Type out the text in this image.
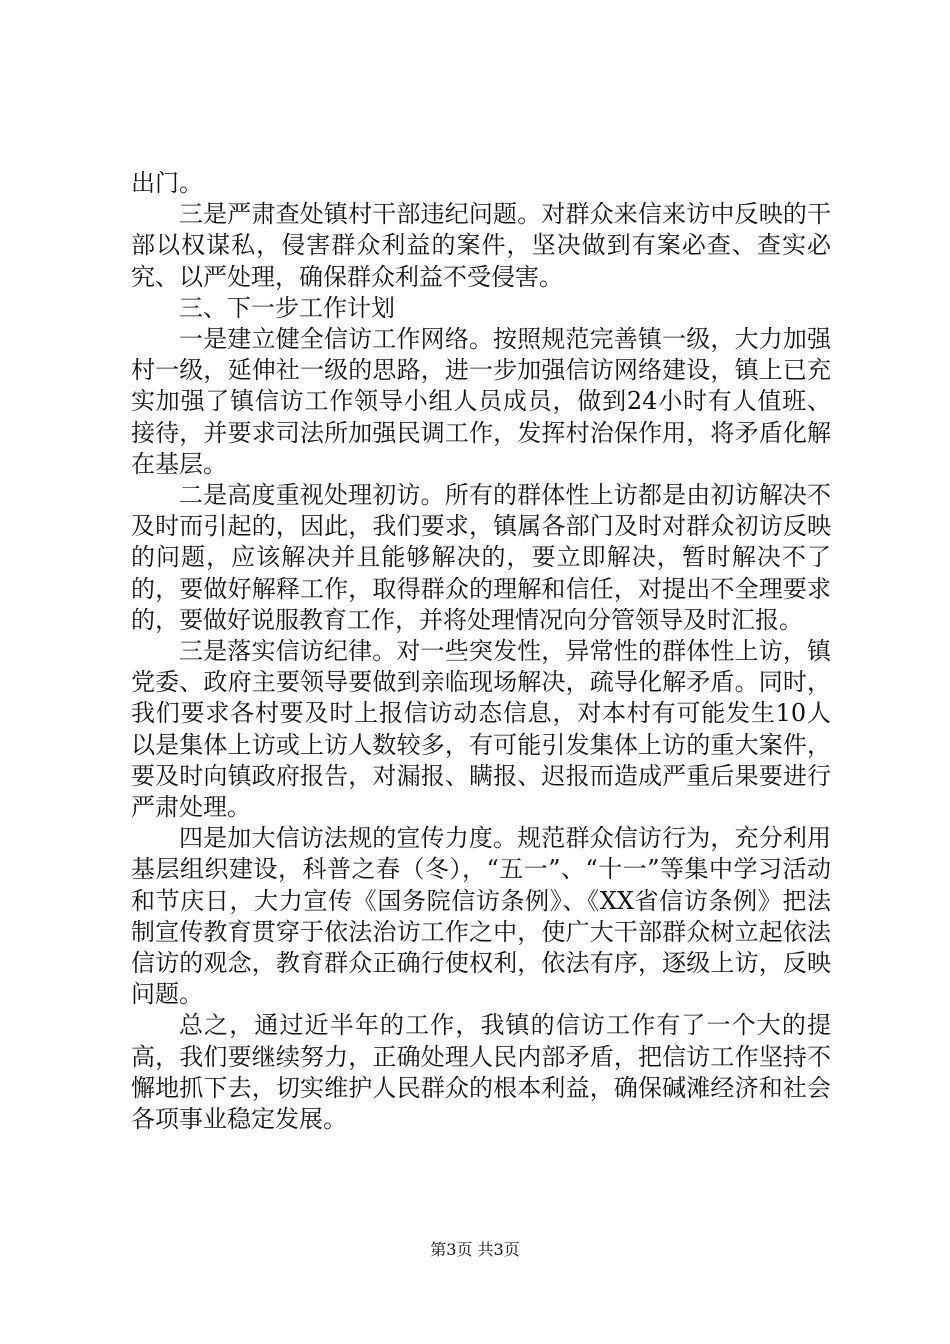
出门。

三是严肃查处镇村干部违纪问题。对群众来信来访中反映的干部以权谋私，侵害群众利益的案件，坚决做到有案必查、查实必究、以严处理，确保群众利益不受侵害。

三、下一步工作计划

一是建立健全信访工作网络。按照规范完善镇一级，大力加强村一级，延伸社一级的思路，进一步加强信访网络建设，镇上已充实加强了镇信访工作领导小组人员成员，做到24小时有人值班、接待，并要求司法所加强民调工作，发挥村治保作用，将矛盾化解在基层。

二是高度重视处理初访。所有的群体性上访都是由初访解决不及时而引起的，因此，我们要求，镇属各部门及时对群众初访反映的问题，应该解决并且能够解决的，要立即解决，暂时解决不了的，要做好解释工作，取得群众的理解和信任，对提出不全理要求的，要做好说服教育工作，并将处理情况向分管领导及时汇报。

三是落实信访纪律。对一些突发性，异常性的群体性上访，镇党委、政府主要领导要做到亲临现场解决，疏导化解矛盾。同时，我们要求各村要及时上报信访动态信息，对本村有可能发生10人以是集体上访或上访人数较多，有可能引发集体上访的重大案件，要及时向镇政府报告，对漏报、瞒报、迟报而造成严重后果要进行严肃处理。

四是加大信访法规的宣传力度。规范群众信访行为，充分利用基层组织建设，科普之春（冬），“五一”、“十一”等集中学习活动和节庆日，大力宣传《国务院信访条例》、《XX省信访条例》把法制宣传教育贯穿于依法治访工作之中，使广大干部群众树立起依法信访的观念，教育群众正确行使权利，依法有序，逐级上访，反映问题。

总之，通过近半年的工作，我镇的信访工作有了一个大的提高，我们要继续努力，正确处理人民内部矛盾，把信访工作坚持不懈地抓下去，切实维护人民群众的根本利益，确保碱滩经济和社会各项事业稳定发展。

第3页 共3页
